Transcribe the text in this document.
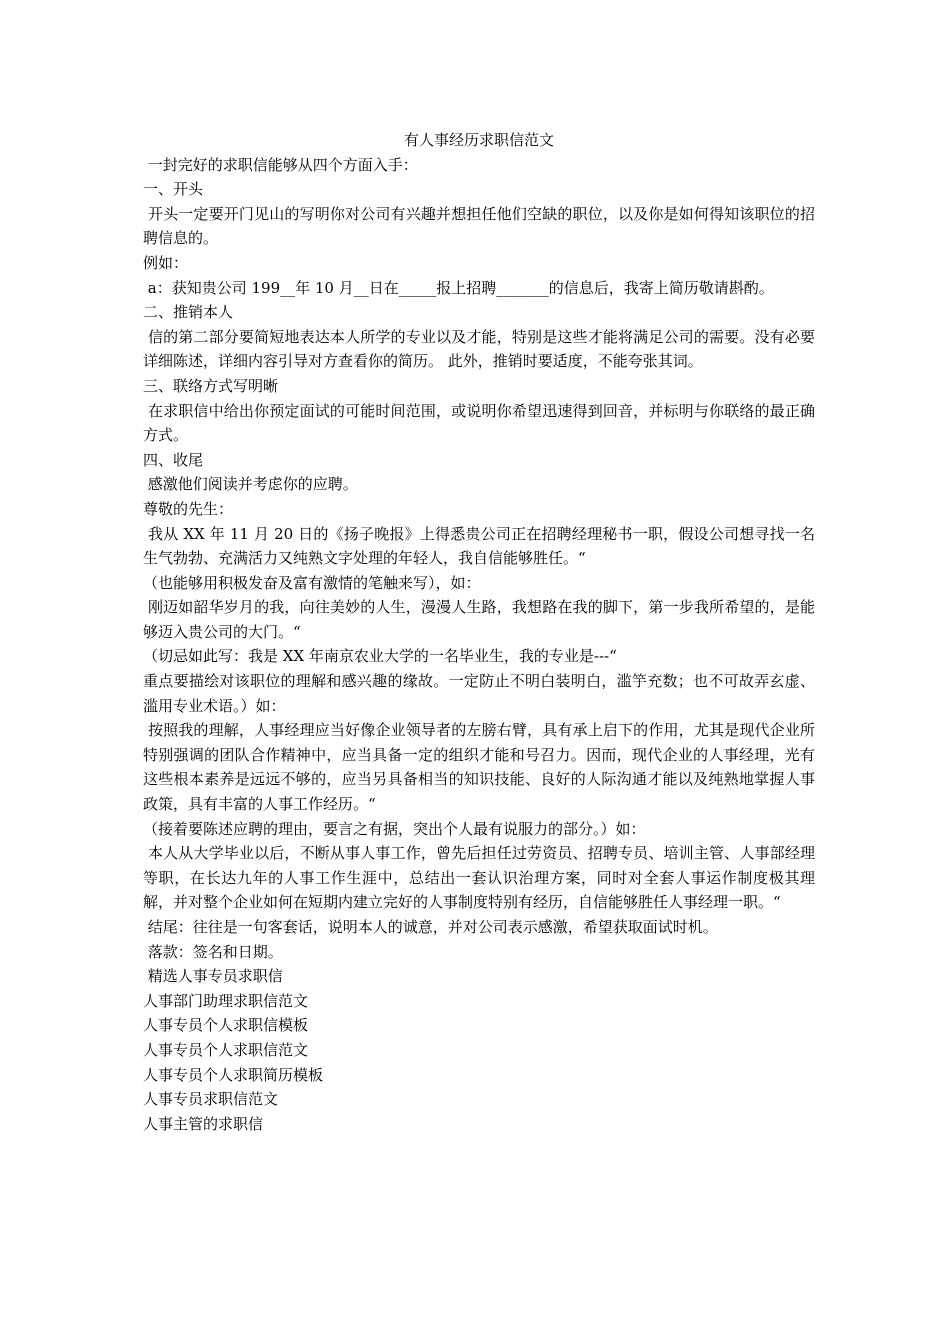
有人事经历求职信范文

一封完好的求职信能够从四个方面入手：

一、开头

开头一定要开门见山的写明你对公司有兴趣并想担任他们空缺的职位，以及你是如何得知该职位的招聘信息的。

例如：

a：获知贵公司 199__年 10 月__日在_____报上招聘_______的信息后，我寄上简历敬请斟酌。

二、推销本人

信的第二部分要简短地表达本人所学的专业以及才能，特别是这些才能将满足公司的需要。没有必要详细陈述，详细内容引导对方查看你的简历。 此外，推销时要适度，不能夸张其词。

三、联络方式写明晰

在求职信中给出你预定面试的可能时间范围，或说明你希望迅速得到回音，并标明与你联络的最正确方式。

四、收尾

感激他们阅读并考虑你的应聘。

尊敬的先生：

我从 XX 年 11 月 20 日的《扬子晚报》上得悉贵公司正在招聘经理秘书一职，假设公司想寻找一名生气勃勃、充满活力又纯熟文字处理的年轻人，我自信能够胜任。“

（也能够用积极发奋及富有激情的笔触来写），如：

刚迈如韶华岁月的我，向往美妙的人生，漫漫人生路，我想路在我的脚下，第一步我所希望的，是能够迈入贵公司的大门。“

（切忌如此写：我是 XX 年南京农业大学的一名毕业生，我的专业是---“

重点要描绘对该职位的理解和感兴趣的缘故。一定防止不明白装明白，滥竽充数；也不可故弄玄虚、滥用专业术语。）如：

按照我的理解，人事经理应当好像企业领导者的左膀右臂，具有承上启下的作用，尤其是现代企业所特别强调的团队合作精神中，应当具备一定的组织才能和号召力。因而，现代企业的人事经理，光有这些根本素养是远远不够的，应当另具备相当的知识技能、良好的人际沟通才能以及纯熟地掌握人事政策，具有丰富的人事工作经历。“

（接着要陈述应聘的理由，要言之有据，突出个人最有说服力的部分。）如：

本人从大学毕业以后，不断从事人事工作，曾先后担任过劳资员、招聘专员、培训主管、人事部经理等职，在长达九年的人事工作生涯中，总结出一套认识治理方案，同时对全套人事运作制度极其理解，并对整个企业如何在短期内建立完好的人事制度特别有经历，自信能够胜任人事经理一职。“

结尾：往往是一句客套话，说明本人的诚意，并对公司表示感激，希望获取面试时机。

落款：签名和日期。

精选人事专员求职信

人事部门助理求职信范文

人事专员个人求职信模板

人事专员个人求职信范文

人事专员个人求职简历模板

人事专员求职信范文

人事主管的求职信
